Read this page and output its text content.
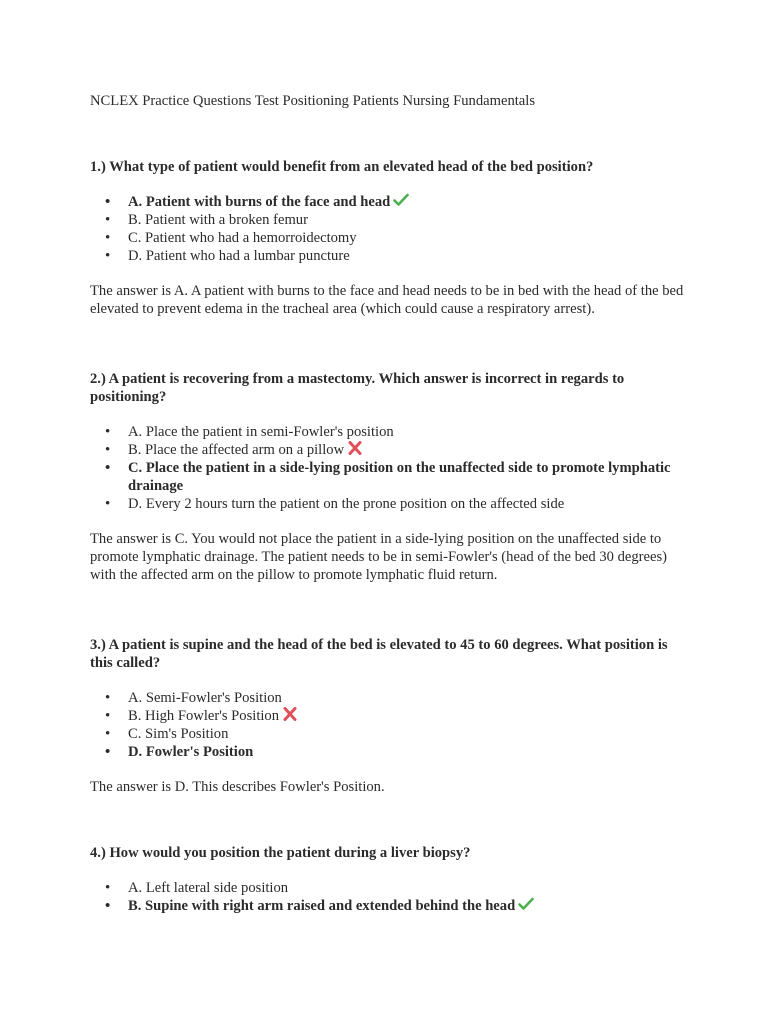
NCLEX Practice Questions Test Positioning Patients Nursing Fundamentals

1.) What type of patient would benefit from an elevated head of the bed position?

• A. Patient with burns of the face and head
• B. Patient with a broken femur
• C. Patient who had a hemorroidectomy
• D. Patient who had a lumbar puncture

The answer is A. A patient with burns to the face and head needs to be in bed with the head of the bed elevated to prevent edema in the tracheal area (which could cause a respiratory arrest).

2.) A patient is recovering from a mastectomy. Which answer is incorrect in regards to positioning?

• A. Place the patient in semi-Fowler's position
• B. Place the affected arm on a pillow
• C. Place the patient in a side-lying position on the unaffected side to promote lymphatic drainage
• D. Every 2 hours turn the patient on the prone position on the affected side

The answer is C. You would not place the patient in a side-lying position on the unaffected side to promote lymphatic drainage. The patient needs to be in semi-Fowler's (head of the bed 30 degrees) with the affected arm on the pillow to promote lymphatic fluid return.

3.) A patient is supine and the head of the bed is elevated to 45 to 60 degrees. What position is this called?

• A. Semi-Fowler's Position
• B. High Fowler's Position
• C. Sim's Position
• D. Fowler's Position

The answer is D. This describes Fowler's Position.

4.) How would you position the patient during a liver biopsy?

• A. Left lateral side position
• B. Supine with right arm raised and extended behind the head
